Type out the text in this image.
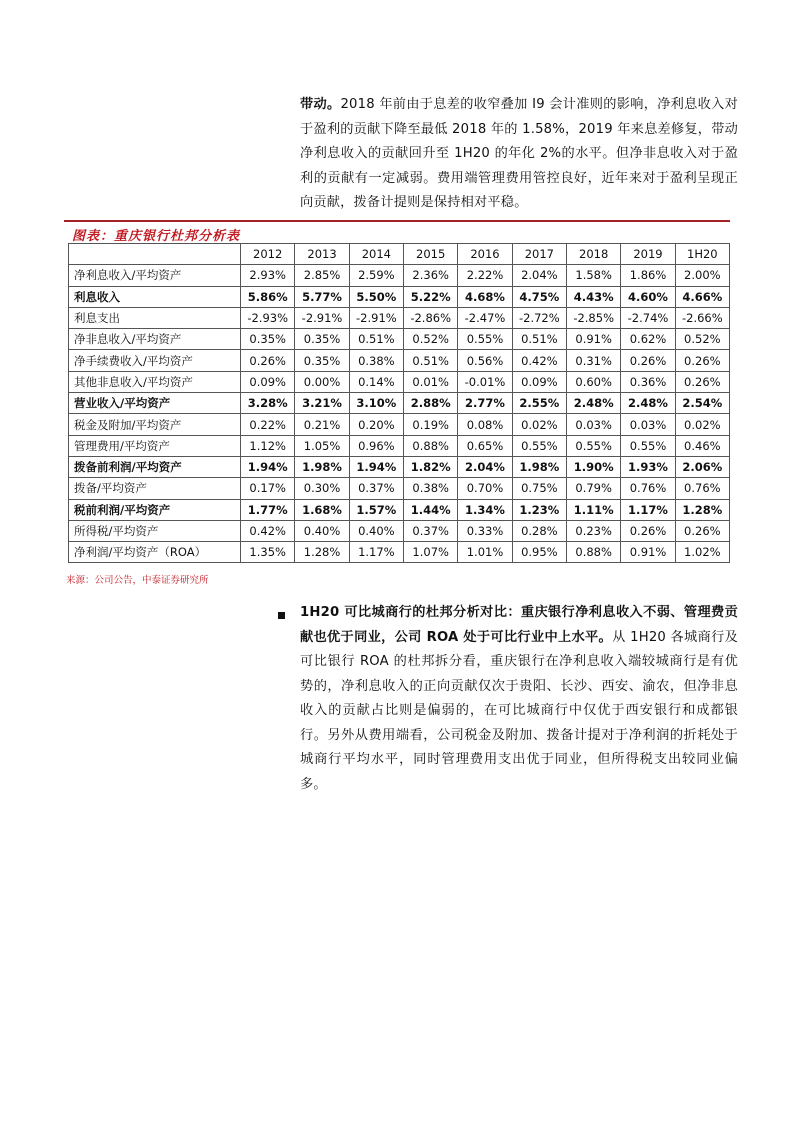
带动。2018 年前由于息差的收窄叠加 I9 会计准则的影响，净利息收入对于盈利的贡献下降至最低 2018 年的 1.58%，2019 年来息差修复，带动净利息收入的贡献回升至 1H20 的年化 2%的水平。但净非息收入对于盈利的贡献有一定减弱。费用端管理费用管控良好，近年来对于盈利呈现正向贡献，拨备计提则是保持相对平稳。
图表：重庆银行杜邦分析表
	2012	2013	2014	2015	2016	2017	2018	2019	1H20
净利息收入/平均资产	2.93%	2.85%	2.59%	2.36%	2.22%	2.04%	1.58%	1.86%	2.00%
利息收入	5.86%	5.77%	5.50%	5.22%	4.68%	4.75%	4.43%	4.60%	4.66%
利息支出	-2.93%	-2.91%	-2.91%	-2.86%	-2.47%	-2.72%	-2.85%	-2.74%	-2.66%
净非息收入/平均资产	0.35%	0.35%	0.51%	0.52%	0.55%	0.51%	0.91%	0.62%	0.52%
净手续费收入/平均资产	0.26%	0.35%	0.38%	0.51%	0.56%	0.42%	0.31%	0.26%	0.26%
其他非息收入/平均资产	0.09%	0.00%	0.14%	0.01%	-0.01%	0.09%	0.60%	0.36%	0.26%
营业收入/平均资产	3.28%	3.21%	3.10%	2.88%	2.77%	2.55%	2.48%	2.48%	2.54%
税金及附加/平均资产	0.22%	0.21%	0.20%	0.19%	0.08%	0.02%	0.03%	0.03%	0.02%
管理费用/平均资产	1.12%	1.05%	0.96%	0.88%	0.65%	0.55%	0.55%	0.55%	0.46%
拨备前利润/平均资产	1.94%	1.98%	1.94%	1.82%	2.04%	1.98%	1.90%	1.93%	2.06%
拨备/平均资产	0.17%	0.30%	0.37%	0.38%	0.70%	0.75%	0.79%	0.76%	0.76%
税前利润/平均资产	1.77%	1.68%	1.57%	1.44%	1.34%	1.23%	1.11%	1.17%	1.28%
所得税/平均资产	0.42%	0.40%	0.40%	0.37%	0.33%	0.28%	0.23%	0.26%	0.26%
净利润/平均资产（ROA）	1.35%	1.28%	1.17%	1.07%	1.01%	0.95%	0.88%	0.91%	1.02%
来源：公司公告，中泰证券研究所
1H20 可比城商行的杜邦分析对比：重庆银行净利息收入不弱、管理费贡献也优于同业，公司 ROA 处于可比行业中上水平。从 1H20 各城商行及可比银行 ROA 的杜邦拆分看，重庆银行在净利息收入端较城商行是有优势的，净利息收入的正向贡献仅次于贵阳、长沙、西安、渝农，但净非息收入的贡献占比则是偏弱的，在可比城商行中仅优于西安银行和成都银行。另外从费用端看，公司税金及附加、拨备计提对于净利润的折耗处于城商行平均水平，同时管理费用支出优于同业，但所得税支出较同业偏多。
